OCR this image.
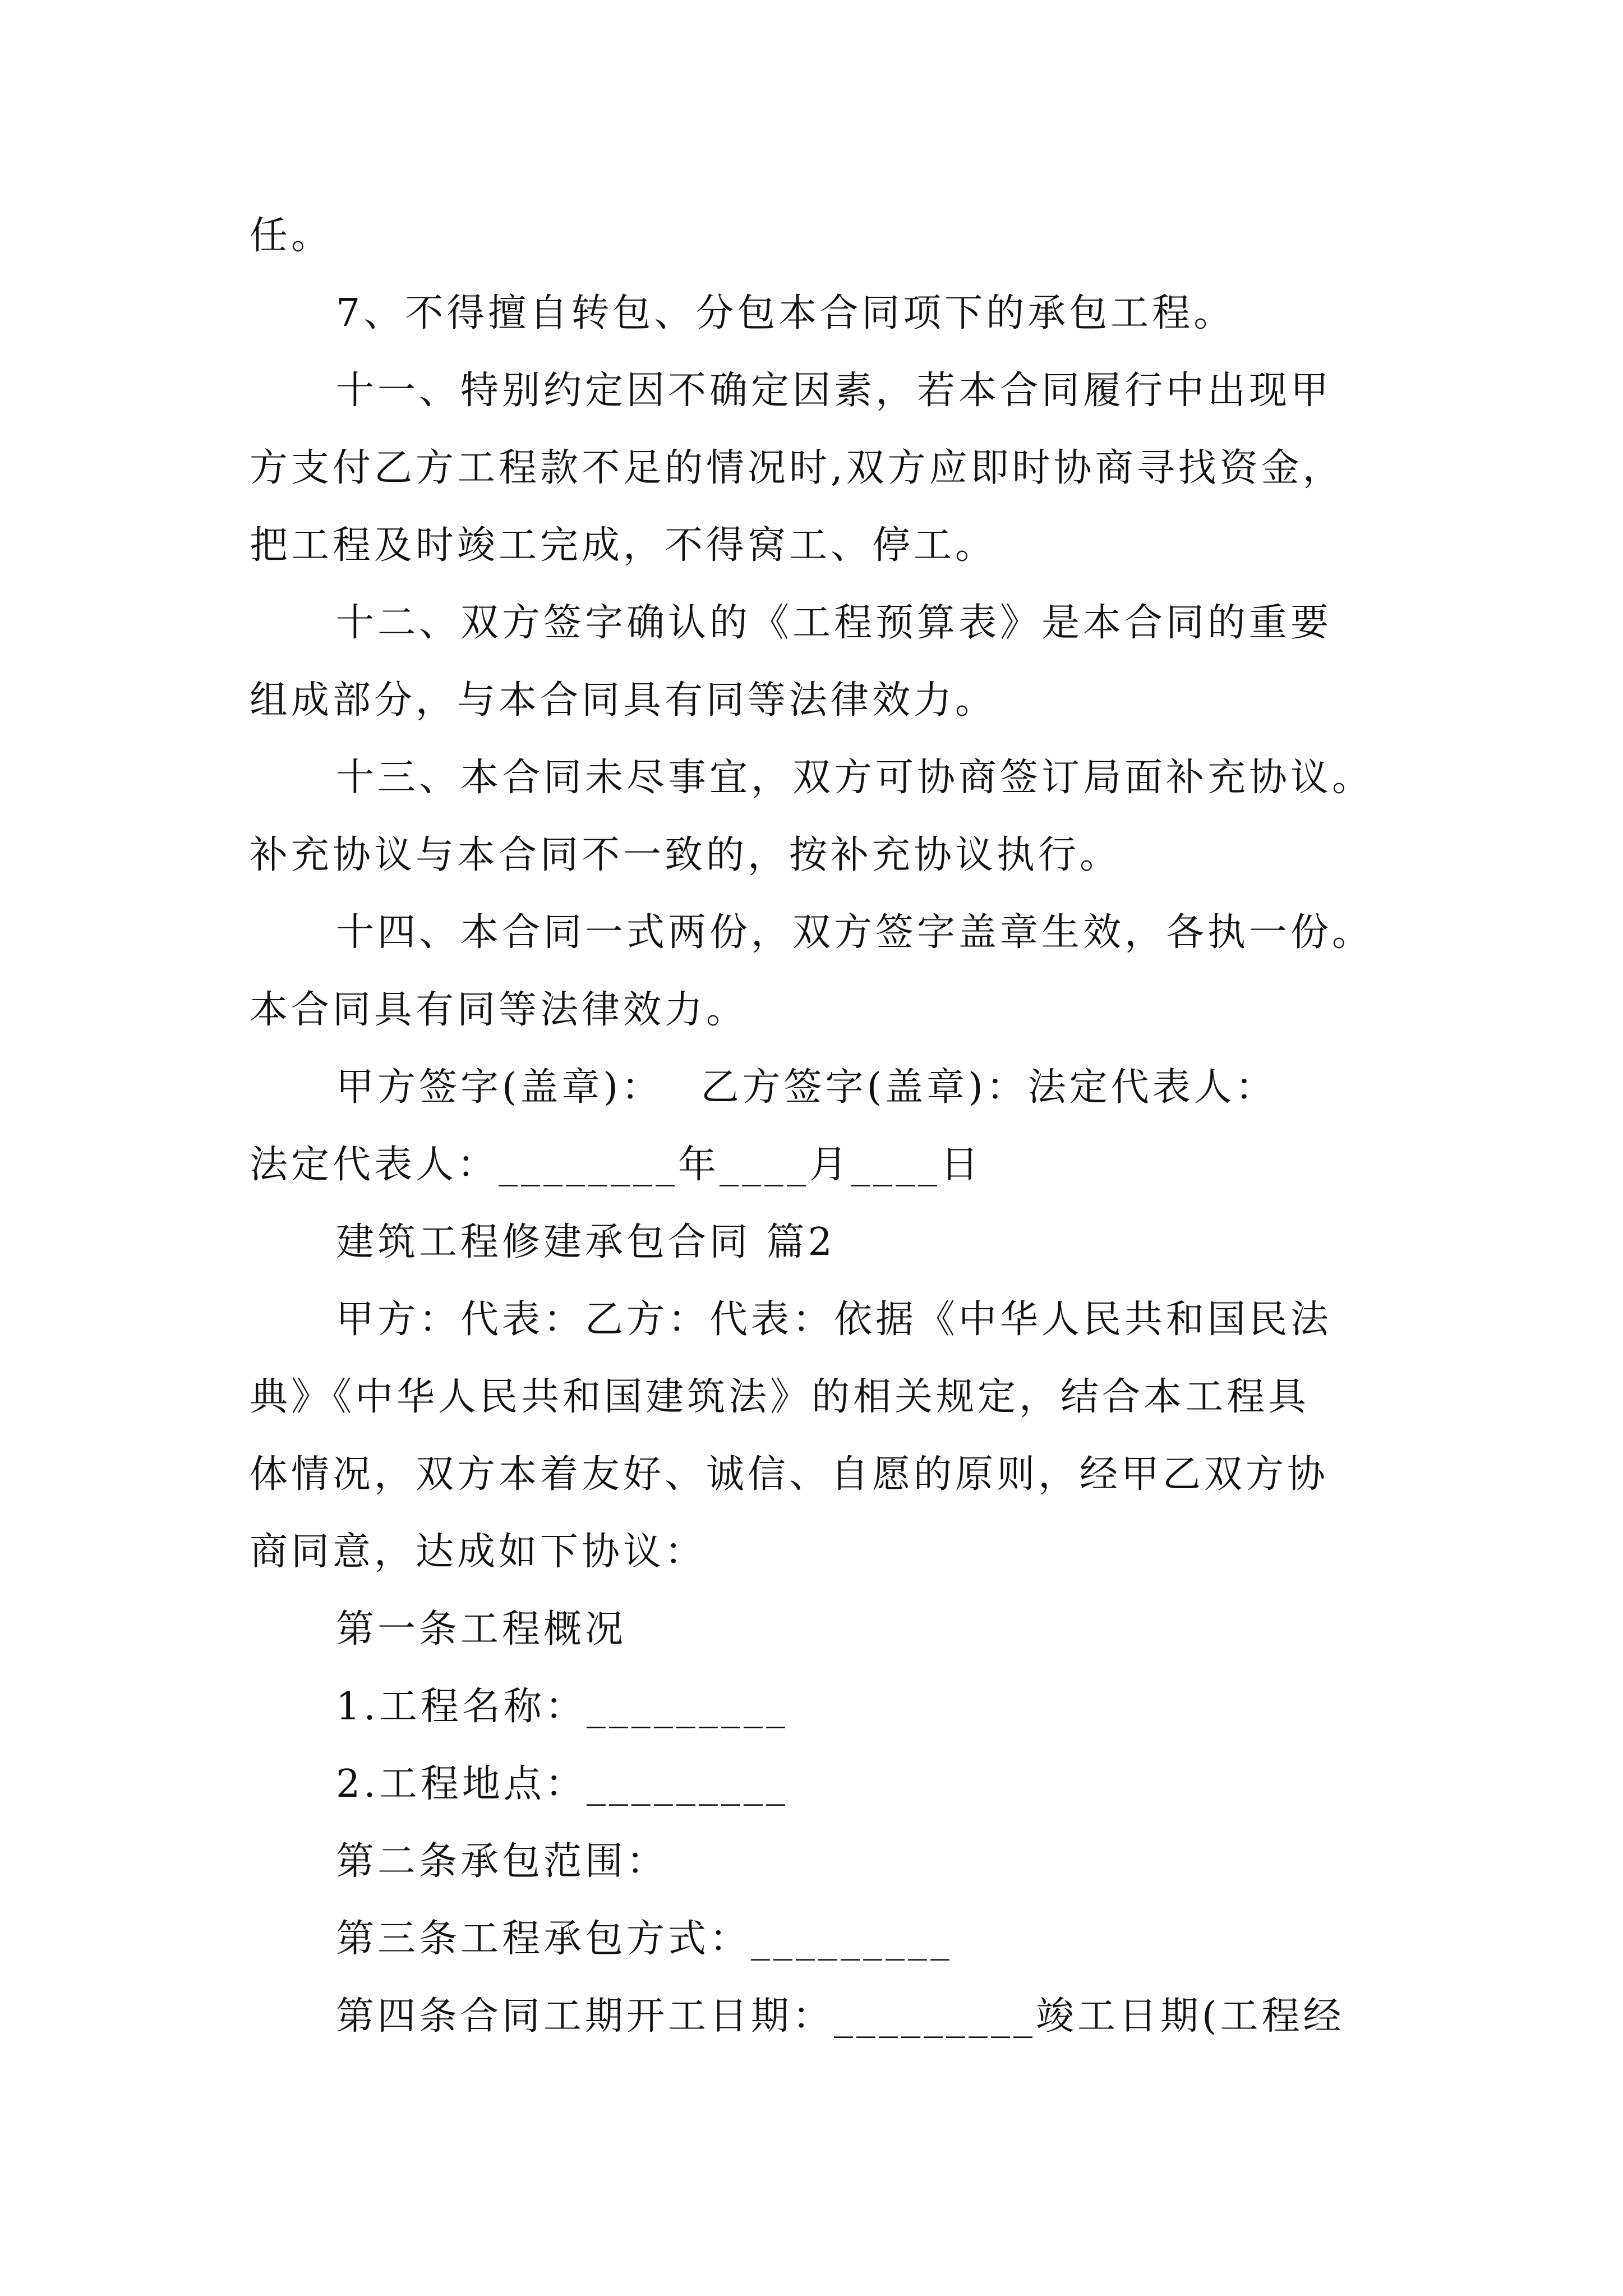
任。
7、不得擅自转包、分包本合同项下的承包工程。
十一、特别约定因不确定因素，若本合同履行中出现甲
方支付乙方工程款不足的情况时,双方应即时协商寻找资金，
把工程及时竣工完成，不得窝工、停工。
十二、双方签字确认的《工程预算表》是本合同的重要
组成部分，与本合同具有同等法律效力。
十三、本合同未尽事宜，双方可协商签订局面补充协议。
补充协议与本合同不一致的，按补充协议执行。
十四、本合同一式两份，双方签字盖章生效，各执一份。
本合同具有同等法律效力。
甲方签字(盖章)：　 乙方签字(盖章)：法定代表人：
法定代表人：________年____月____日
建筑工程修建承包合同 篇2
甲方：代表：乙方：代表：依据《中华人民共和国民法
典》《中华人民共和国建筑法》的相关规定，结合本工程具
体情况，双方本着友好、诚信、自愿的原则，经甲乙双方协
商同意，达成如下协议：
第一条工程概况
1.工程名称：_________
2.工程地点：_________
第二条承包范围：
第三条工程承包方式：_________
第四条合同工期开工日期：_________竣工日期(工程经
